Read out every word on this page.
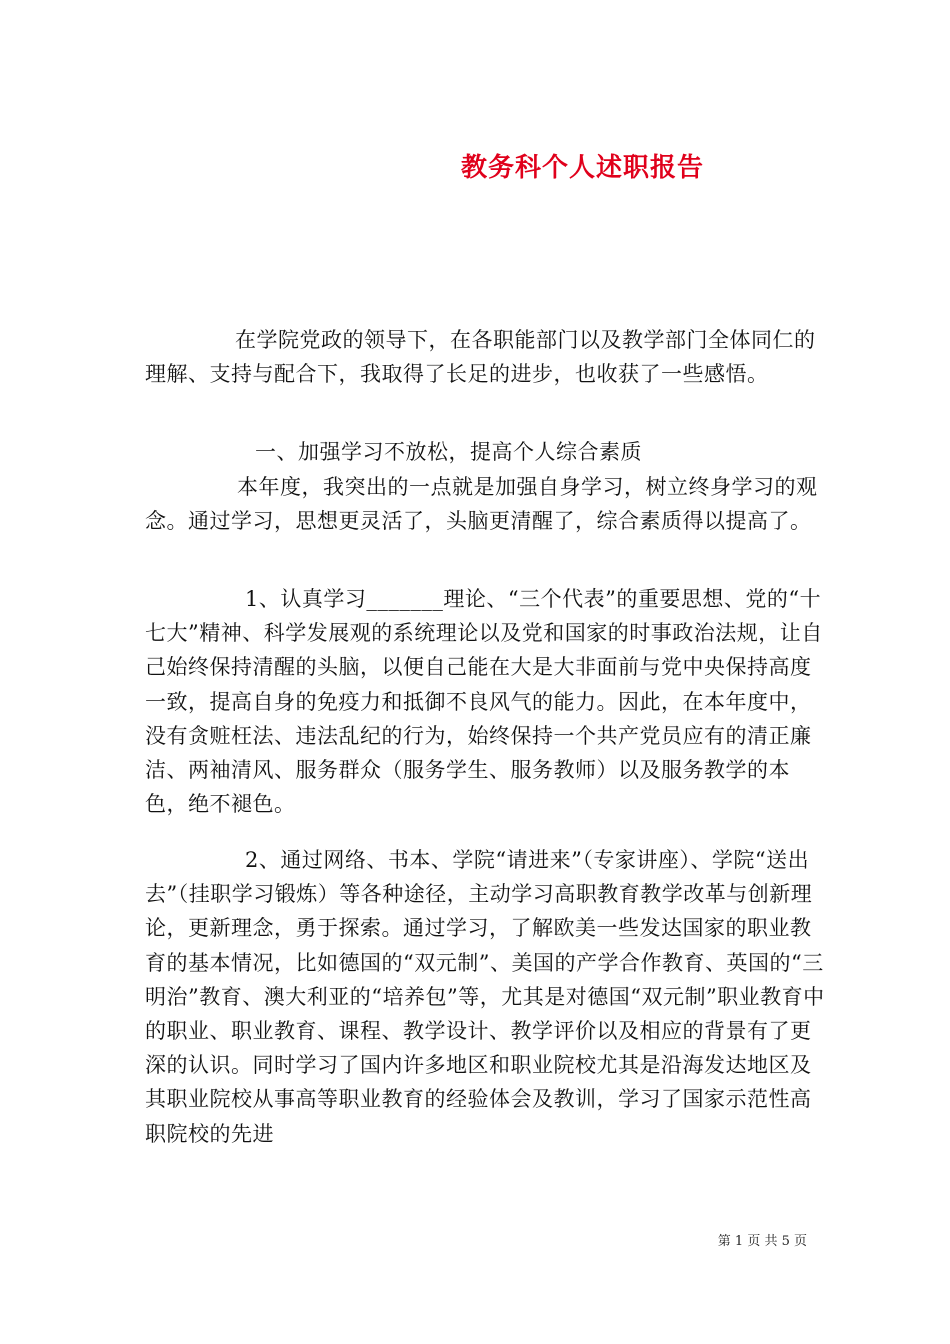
教务科个人述职报告

在学院党政的领导下，在各职能部门以及教学部门全体同仁的理解、支持与配合下，我取得了长足的进步，也收获了一些感悟。

一、加强学习不放松，提高个人综合素质

本年度，我突出的一点就是加强自身学习，树立终身学习的观念。通过学习，思想更灵活了，头脑更清醒了，综合素质得以提高了。

1、认真学习_______理论、“三个代表”的重要思想、党的“十七大”精神、科学发展观的系统理论以及党和国家的时事政治法规，让自己始终保持清醒的头脑，以便自己能在大是大非面前与党中央保持高度一致，提高自身的免疫力和抵御不良风气的能力。因此，在本年度中，没有贪赃枉法、违法乱纪的行为，始终保持一个共产党员应有的清正廉洁、两袖清风、服务群众（服务学生、服务教师）以及服务教学的本色，绝不褪色。

2、通过网络、书本、学院“请进来”（专家讲座）、学院“送出去”（挂职学习锻炼）等各种途径，主动学习高职教育教学改革与创新理论，更新理念，勇于探索。通过学习，了解欧美一些发达国家的职业教育的基本情况，比如德国的“双元制”、美国的产学合作教育、英国的“三明治”教育、澳大利亚的“培养包”等，尤其是对德国“双元制”职业教育中的职业、职业教育、课程、教学设计、教学评价以及相应的背景有了更深的认识。同时学习了国内许多地区和职业院校尤其是沿海发达地区及其职业院校从事高等职业教育的经验体会及教训，学习了国家示范性高职院校的先进

第 1 页 共 5 页
